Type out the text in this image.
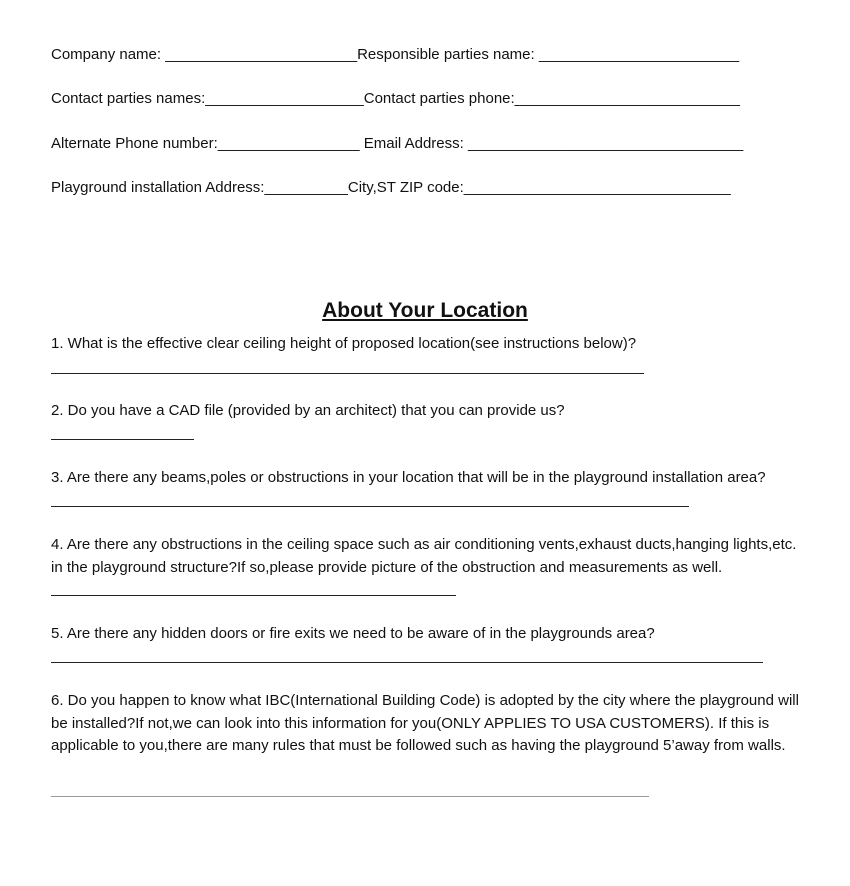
Company name: _______________________Responsible parties name: ________________________
Contact parties names:___________________Contact parties phone:___________________________
Alternate Phone number:_________________ Email Address: _________________________________
Playground installation Address:__________City,ST ZIP code:________________________________
About Your Location
1. What is the effective clear ceiling height of proposed location(see instructions below)?
2. Do you have a CAD file (provided by an architect) that you can provide us?
3. Are there any beams,poles or obstructions in your location that will be in the playground installation area?
4. Are there any obstructions in the ceiling space such as air conditioning vents,exhaust ducts,hanging lights,etc.
in the playground structure?If so,please provide picture of the obstruction and measurements as well.
5. Are there any hidden doors or fire exits we need to be aware of in the playgrounds area?
6. Do you happen to know what IBC(International Building Code) is adopted by the city where the playground will
be installed?If not,we can look into this information for you(ONLY APPLIES TO USA CUSTOMERS). If this is
applicable to you,there are many rules that must be followed such as having the playground 5’away from walls.
